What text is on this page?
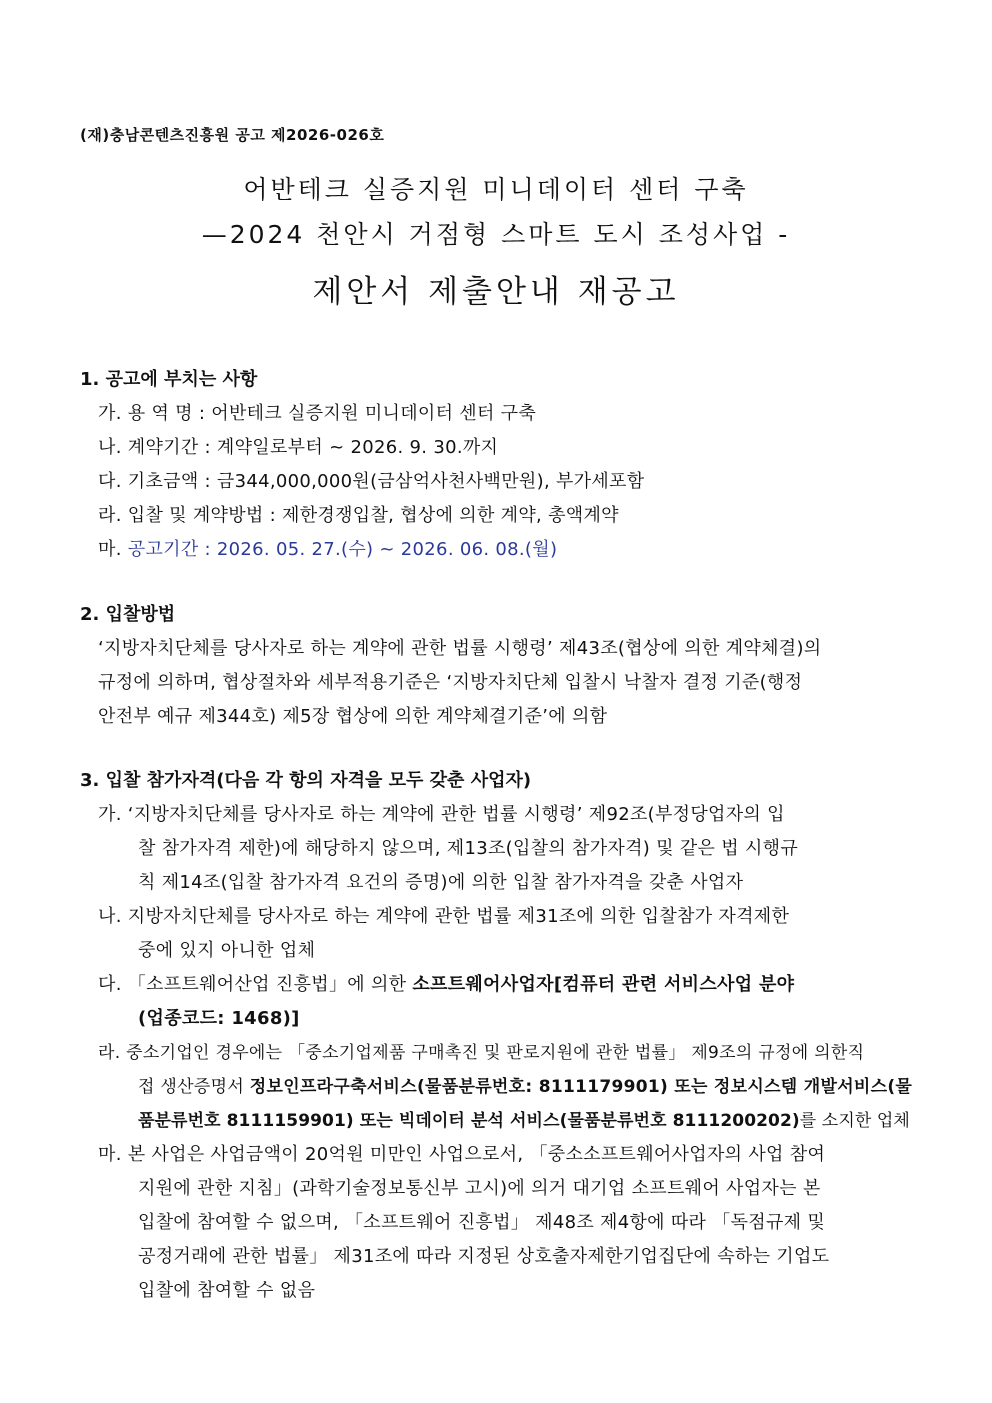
(재)충남콘텐츠진흥원 공고 제2026-026호
어반테크 실증지원 미니데이터 센터 구축
—2024 천안시 거점형 스마트 도시 조성사업 -
제안서 제출안내 재공고
1. 공고에 부치는 사항
가. 용 역 명 : 어반테크 실증지원 미니데이터 센터 구축
나. 계약기간 : 계약일로부터 ~ 2026. 9. 30.까지
다. 기초금액 : 금344,000,000원(금삼억사천사백만원), 부가세포함
라. 입찰 및 계약방법 : 제한경쟁입찰, 협상에 의한 계약, 총액계약
마. 공고기간 : 2026. 05. 27.(수) ~ 2026. 06. 08.(월)
2. 입찰방법
‘지방자치단체를 당사자로 하는 계약에 관한 법률 시행령’ 제43조(협상에 의한 계약체결)의
규정에 의하며, 협상절차와 세부적용기준은 ‘지방자치단체 입찰시 낙찰자 결정 기준(행정
안전부 예규 제344호) 제5장 협상에 의한 계약체결기준’에 의함
3. 입찰 참가자격(다음 각 항의 자격을 모두 갖춘 사업자)
가. ‘지방자치단체를 당사자로 하는 계약에 관한 법률 시행령’ 제92조(부정당업자의 입
찰 참가자격 제한)에 해당하지 않으며, 제13조(입찰의 참가자격) 및 같은 법 시행규
칙 제14조(입찰 참가자격 요건의 증명)에 의한 입찰 참가자격을 갖춘 사업자
나. 지방자치단체를 당사자로 하는 계약에 관한 법률 제31조에 의한 입찰참가 자격제한
중에 있지 아니한 업체
다. 「소프트웨어산업 진흥법」에 의한 소프트웨어사업자[컴퓨터 관련 서비스사업 분야
(업종코드: 1468)]
라. 중소기업인 경우에는 「중소기업제품 구매촉진 및 판로지원에 관한 법률」 제9조의 규정에 의한직
접 생산증명서 정보인프라구축서비스(물품분류번호: 8111179901) 또는 정보시스템 개발서비스(물
품분류번호 8111159901) 또는 빅데이터 분석 서비스(물품분류번호 8111200202)를 소지한 업체
마. 본 사업은 사업금액이 20억원 미만인 사업으로서, 「중소소프트웨어사업자의 사업 참여
지원에 관한 지침」(과학기술정보통신부 고시)에 의거 대기업 소프트웨어 사업자는 본
입찰에 참여할 수 없으며, 「소프트웨어 진흥법」 제48조 제4항에 따라 「독점규제 및
공정거래에 관한 법률」 제31조에 따라 지정된 상호출자제한기업집단에 속하는 기업도
입찰에 참여할 수 없음
